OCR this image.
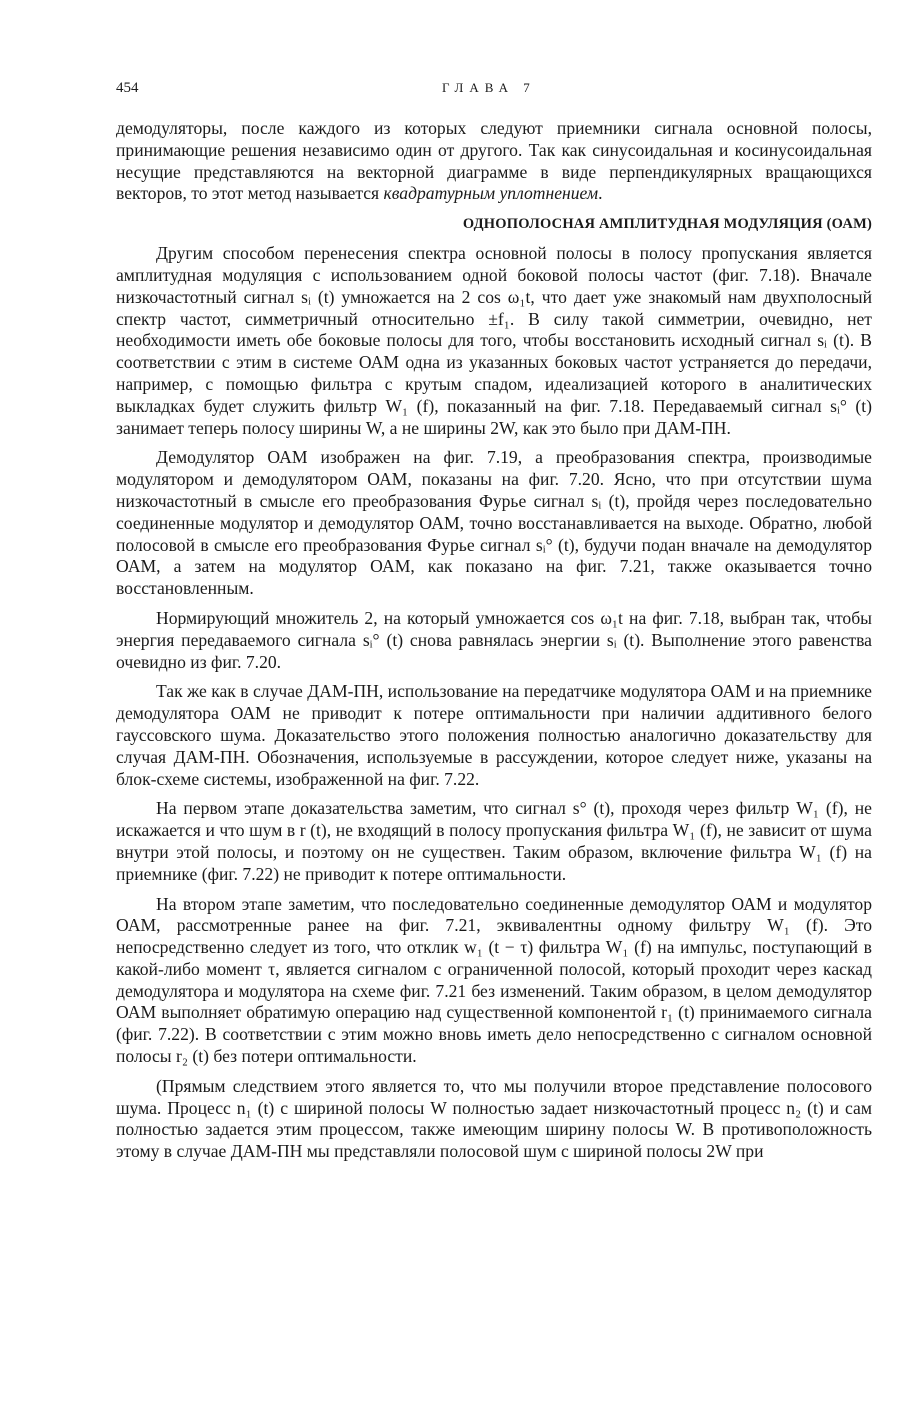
454	ГЛАВА 7

демодуляторы, после каждого из которых следуют приемники сигнала основной полосы, принимающие решения независимо один от другого. Так как синусоидальная и косинусоидальная несущие представляются на векторной диаграмме в виде перпендикулярных вращающихся векторов, то этот метод называется квадратурным уплотнением.

ОДНОПОЛОСНАЯ АМПЛИТУДНАЯ МОДУЛЯЦИЯ (ОАМ)

Другим способом перенесения спектра основной полосы в полосу пропускания является амплитудная модуляция с использованием одной боковой полосы частот (фиг. 7.18). Вначале низкочастотный сигнал sᵢ (t) умножается на 2 cos ω₁t, что дает уже знакомый нам двухполосный спектр частот, симметричный относительно ±f₁. В силу такой симметрии, очевидно, нет необходимости иметь обе боковые полосы для того, чтобы восстановить исходный сигнал sᵢ (t). В соответствии с этим в системе ОАМ одна из указанных боковых частот устраняется до передачи, например, с помощью фильтра с крутым спадом, идеализацией которого в аналитических выкладках будет служить фильтр W₁ (f), показанный на фиг. 7.18. Передаваемый сигнал sᵢ° (t) занимает теперь полосу ширины W, а не ширины 2W, как это было при ДАМ-ПН.

Демодулятор ОАМ изображен на фиг. 7.19, а преобразования спектра, производимые модулятором и демодулятором ОАМ, показаны на фиг. 7.20. Ясно, что при отсутствии шума низкочастотный в смысле его преобразования Фурье сигнал sᵢ (t), пройдя через последовательно соединенные модулятор и демодулятор ОАМ, точно восстанавливается на выходе. Обратно, любой полосовой в смысле его преобразования Фурье сигнал sᵢ° (t), будучи подан вначале на демодулятор ОАМ, а затем на модулятор ОАМ, как показано на фиг. 7.21, также оказывается точно восстановленным.

Нормирующий множитель 2, на который умножается cos ω₁t на фиг. 7.18, выбран так, чтобы энергия передаваемого сигнала sᵢ° (t) снова равнялась энергии sᵢ (t). Выполнение этого равенства очевидно из фиг. 7.20.

Так же как в случае ДАМ-ПН, использование на передатчике модулятора ОАМ и на приемнике демодулятора ОАМ не приводит к потере оптимальности при наличии аддитивного белого гауссовского шума. Доказательство этого положения полностью аналогично доказательству для случая ДАМ-ПН. Обозначения, используемые в рассуждении, которое следует ниже, указаны на блок-схеме системы, изображенной на фиг. 7.22.

На первом этапе доказательства заметим, что сигнал s° (t), проходя через фильтр W₁ (f), не искажается и что шум в r (t), не входящий в полосу пропускания фильтра W₁ (f), не зависит от шума внутри этой полосы, и поэтому он не существен. Таким образом, включение фильтра W₁ (f) на приемнике (фиг. 7.22) не приводит к потере оптимальности.

На втором этапе заметим, что последовательно соединенные демодулятор ОАМ и модулятор ОАМ, рассмотренные ранее на фиг. 7.21, эквивалентны одному фильтру W₁ (f). Это непосредственно следует из того, что отклик w₁ (t − τ) фильтра W₁ (f) на импульс, поступающий в какой-либо момент τ, является сигналом с ограниченной полосой, который проходит через каскад демодулятора и модулятора на схеме фиг. 7.21 без изменений. Таким образом, в целом демодулятор ОАМ выполняет обратимую операцию над существенной компонентой r₁ (t) принимаемого сигнала (фиг. 7.22). В соответствии с этим можно вновь иметь дело непосредственно с сигналом основной полосы r₂ (t) без потери оптимальности.

(Прямым следствием этого является то, что мы получили второе представление полосового шума. Процесс n₁ (t) с шириной полосы W полностью задает низкочастотный процесс n₂ (t) и сам полностью задается этим процессом, также имеющим ширину полосы W. В противоположность этому в случае ДАМ-ПН мы представляли полосовой шум с шириной полосы 2W при
